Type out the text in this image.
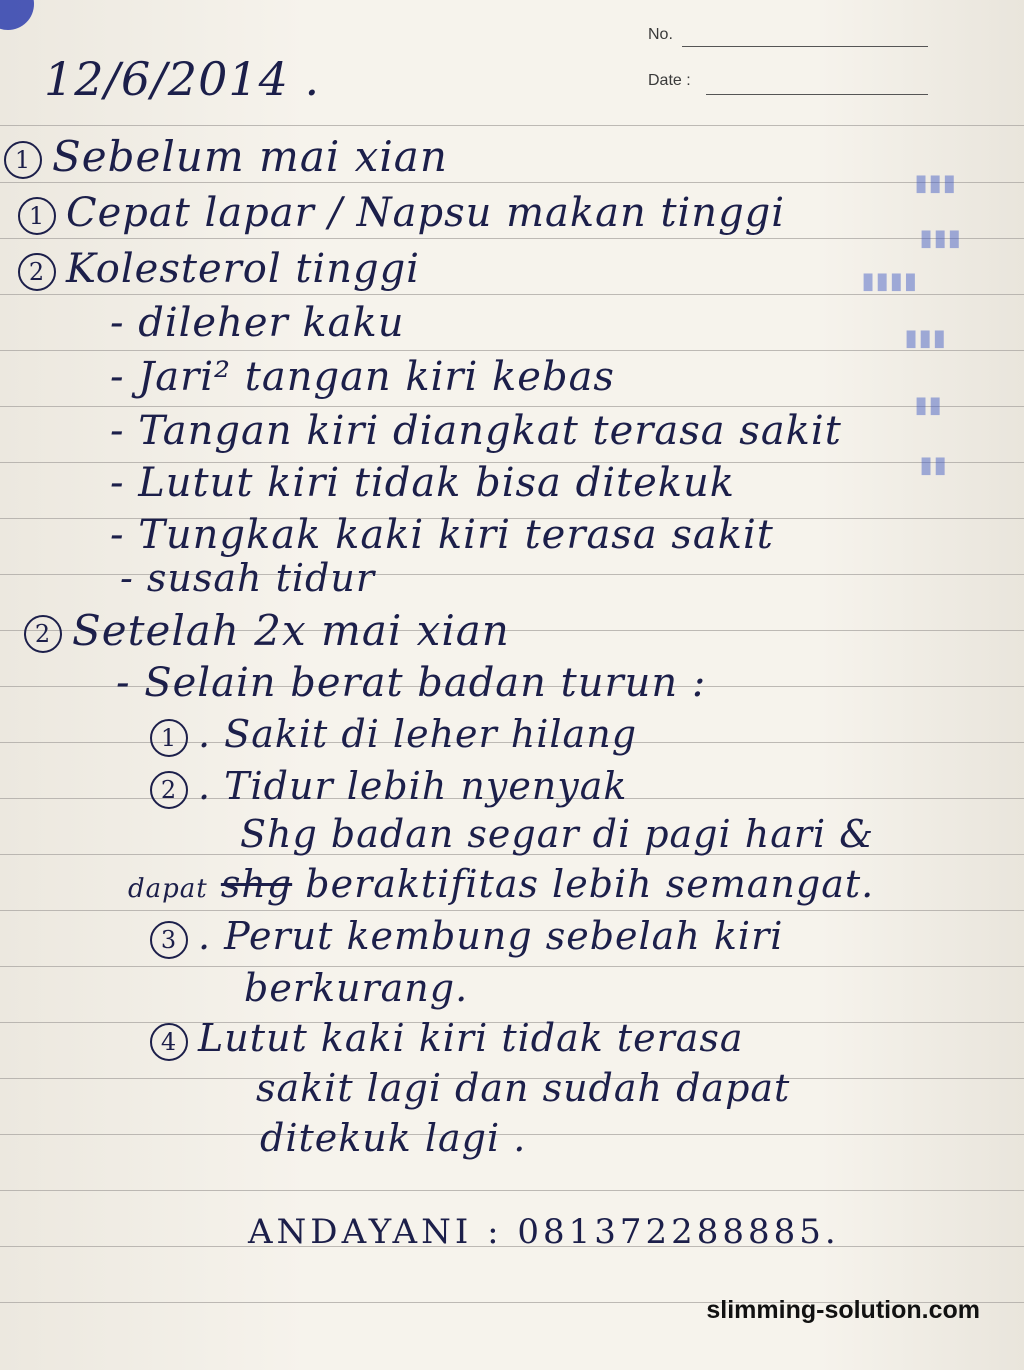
No.
Date :
▮▮▮
▮▮▮
▮▮▮▮
▮▮▮
▮▮
▮▮
12/6/2014 .
1 Sebelum mai xian
1 Cepat lapar / Napsu makan tinggi
2 Kolesterol tinggi
- dileher kaku
- Jari² tangan kiri kebas
- Tangan kiri diangkat terasa sakit
- Lutut kiri tidak bisa ditekuk
- Tungkak kaki kiri terasa sakit
- susah tidur
2 Setelah 2x mai xian
- Selain berat badan turun :
1 . Sakit di leher hilang
2 . Tidur lebih nyenyak
Shg badan segar di pagi hari &
dapat shg beraktifitas lebih semangat.
3 . Perut kembung sebelah kiri
berkurang.
4 Lutut kaki kiri tidak terasa
sakit lagi dan sudah dapat
ditekuk lagi .
ANDAYANI : 081372288885.
slimming-solution.com
